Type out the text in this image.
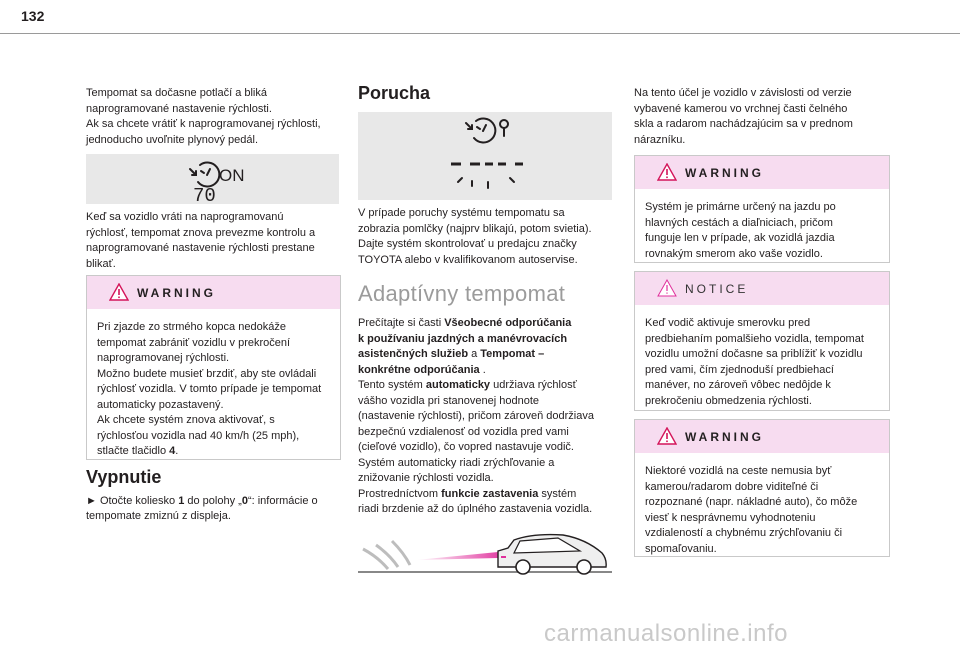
132

Tempomat sa dočasne potlačí a bliká

naprogramované nastavenie rýchlosti.

Ak sa chcete vrátiť k naprogramovanej rýchlosti,

jednoducho uvoľnite plynový pedál.

ON
70

Keď sa vozidlo vráti na naprogramovanú

rýchlosť, tempomat znova prevezme kontrolu a

naprogramované nastavenie rýchlosti prestane

blikať.

WARNING

Pri zjazde zo strmého kopca nedokáže

tempomat zabrániť vozidlu v prekročení

naprogramovanej rýchlosti.

Možno budete musieť brzdiť, aby ste ovládali

rýchlosť vozidla. V tomto prípade je tempomat

automaticky pozastavený.

Ak chcete systém znova aktivovať, s

rýchlosťou vozidla nad 40 km/h (25 mph),

stlačte tlačidlo 4.

Vypnutie

► Otočte koliesko 1 do polohy „0“: informácie o

tempomate zmiznú z displeja.

Porucha

V prípade poruchy systému tempomatu sa

zobrazia pomlčky (najprv blikajú, potom svietia).

Dajte systém skontrolovať u predajcu značky

TOYOTA alebo v kvalifikovanom autoservise.

Adaptívny tempomat

Prečítajte si časti Všeobecné odporúčania

k používaniu jazdných a manévrovacích

asistenčných služieb a Tempomat –

konkrétne odporúčania .

Tento systém automaticky udržiava rýchlosť

vášho vozidla pri stanovenej hodnote

(nastavenie rýchlosti), pričom zároveň dodržiava

bezpečnú vzdialenosť od vozidla pred vami

(cieľové vozidlo), čo vopred nastavuje vodič.

Systém automaticky riadi zrýchľovanie a

znižovanie rýchlosti vozidla.

Prostredníctvom funkcie zastavenia systém

riadi brzdenie až do úplného zastavenia vozidla.

Na tento účel je vozidlo v závislosti od verzie

vybavené kamerou vo vrchnej časti čelného

skla a radarom nachádzajúcim sa v prednom

nárazníku.

WARNING

Systém je primárne určený na jazdu po

hlavných cestách a diaľniciach, pričom

funguje len v prípade, ak vozidlá jazdia

rovnakým smerom ako vaše vozidlo.

NOTICE

Keď vodič aktivuje smerovku pred

predbiehaním pomalšieho vozidla, tempomat

vozidlu umožní dočasne sa priblížiť k vozidlu

pred vami, čím zjednoduší predbiehací

manéver, no zároveň vôbec nedôjde k

prekročeniu obmedzenia rýchlosti.

WARNING

Niektoré vozidlá na ceste nemusia byť

kamerou/radarom dobre viditeľné či

rozpoznané (napr. nákladné auto), čo môže

viesť k nesprávnemu vyhodnoteniu

vzdialeností a chybnému zrýchľovaniu či

spomaľovaniu.

carmanualsonline.info
